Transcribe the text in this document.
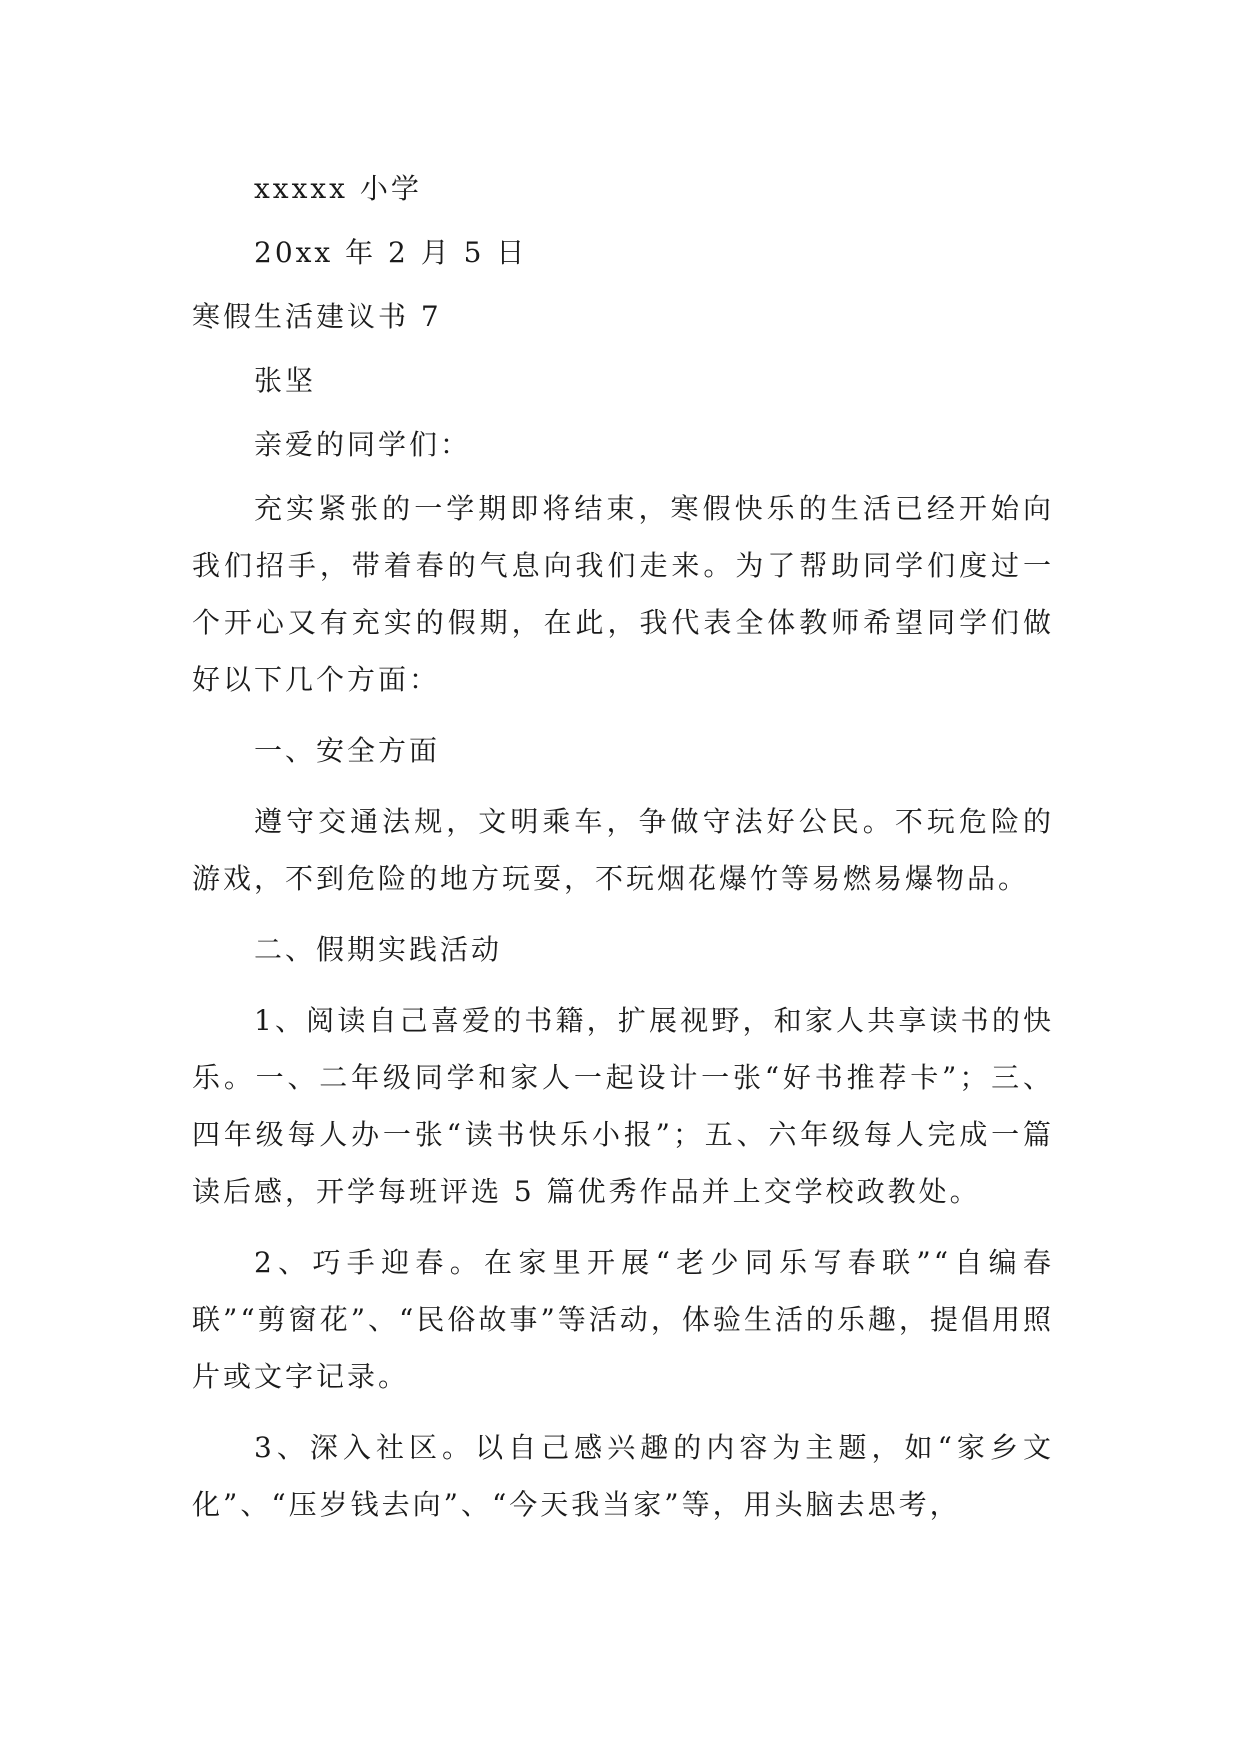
xxxxx 小学
20xx 年 2 月 5 日
寒假生活建议书 7
张坚
亲爱的同学们：

充实紧张的一学期即将结束，寒假快乐的生活已经开始向我们招手，带着春的气息向我们走来。为了帮助同学们度过一个开心又有充实的假期，在此，我代表全体教师希望同学们做好以下几个方面：

一、安全方面

遵守交通法规，文明乘车，争做守法好公民。不玩危险的游戏，不到危险的地方玩耍，不玩烟花爆竹等易燃易爆物品。

二、假期实践活动

1、阅读自己喜爱的书籍，扩展视野，和家人共享读书的快乐。一、二年级同学和家人一起设计一张“好书推荐卡”；三、四年级每人办一张“读书快乐小报”；五、六年级每人完成一篇读后感，开学每班评选 5 篇优秀作品并上交学校政教处。

2、巧手迎春。在家里开展“老少同乐写春联”“自编春联”“剪窗花”、“民俗故事”等活动，体验生活的乐趣，提倡用照片或文字记录。

3、深入社区。以自己感兴趣的内容为主题，如“家乡文化”、“压岁钱去向”、“今天我当家”等，用头脑去思考，
